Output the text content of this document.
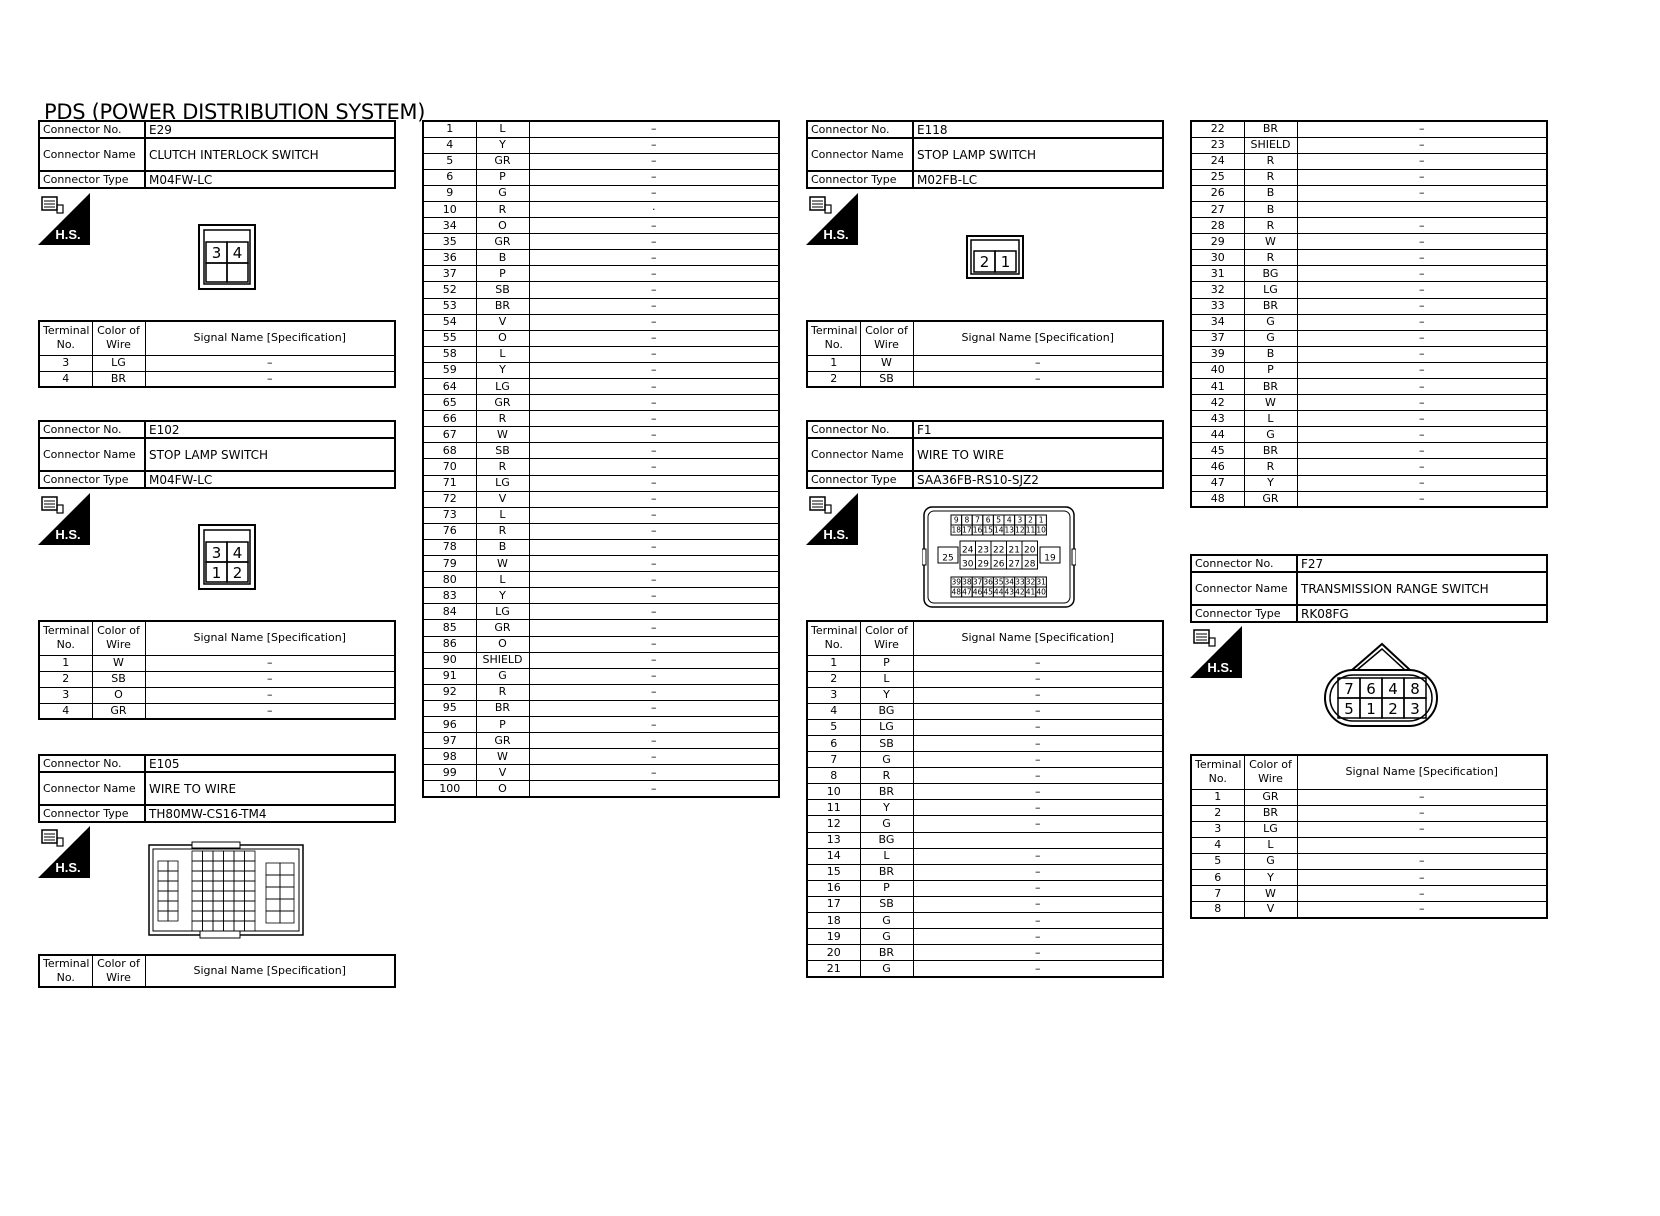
PDS (POWER DISTRIBUTION SYSTEM)
Connector No.	E29
Connector Name	CLUTCH INTERLOCK SWITCH
Connector Type	M04FW-LC
H.S.
3 4
Terminal No.	Color of Wire	Signal Name [Specification]
3	LG	–
4	BR	–
Connector No.	E102
Connector Name	STOP LAMP SWITCH
Connector Type	M04FW-LC
H.S.
3 4
1 2
Terminal No.	Color of Wire	Signal Name [Specification]
1	W	–
2	SB	–
3	O	–
4	GR	–
Connector No.	E105
Connector Name	WIRE TO WIRE
Connector Type	TH80MW-CS16-TM4
H.S.
Terminal No.	Color of Wire	Signal Name [Specification]
1	L	–
4	Y	–
5	GR	–
6	P	–
9	G	–
10	R	·
34	O	–
35	GR	–
36	B	–
37	P	–
52	SB	–
53	BR	–
54	V	–
55	O	–
58	L	–
59	Y	–
64	LG	–
65	GR	–
66	R	–
67	W	–
68	SB	–
70	R	–
71	LG	–
72	V	–
73	L	–
76	R	–
78	B	–
79	W	–
80	L	–
83	Y	–
84	LG	–
85	GR	–
86	O	–
90	SHIELD	–
91	G	–
92	R	–
95	BR	–
96	P	–
97	GR	–
98	W	–
99	V	–
100	O	–
Connector No.	E118
Connector Name	STOP LAMP SWITCH
Connector Type	M02FB-LC
H.S.
2 1
Terminal No.	Color of Wire	Signal Name [Specification]
1	W	–
2	SB	–
Connector No.	F1
Connector Name	WIRE TO WIRE
Connector Type	SAA36FB-RS10-SJZ2
H.S.
9 8 7 6 5 4 3 2 1
18 17 16 15 14 13 12 11 10
24 23 22 21 20
30 29 26 27 28
25	19
39 38 37 36 35 34 33 32 31
48 47 46 45 44 43 42 41 40
Terminal No.	Color of Wire	Signal Name [Specification]
1	P	–
2	L	–
3	Y	–
4	BG	–
5	LG	–
6	SB	–
7	G	–
8	R	–
10	BR	–
11	Y	–
12	G	–
13	BG	
14	L	–
15	BR	–
16	P	–
17	SB	–
18	G	–
19	G	–
20	BR	–
21	G	–
22	BR	–
23	SHIELD	–
24	R	–
25	R	–
26	B	–
27	B	
28	R	–
29	W	–
30	R	–
31	BG	–
32	LG	–
33	BR	–
34	G	–
37	G	–
39	B	–
40	P	–
41	BR	–
42	W	–
43	L	–
44	G	–
45	BR	–
46	R	–
47	Y	–
48	GR	–
Connector No.	F27
Connector Name	TRANSMISSION RANGE SWITCH
Connector Type	RK08FG
H.S.
7 6 4 8
5 1 2 3
Terminal No.	Color of Wire	Signal Name [Specification]
1	GR	–
2	BR	–
3	LG	–
4	L	
5	G	–
6	Y	–
7	W	–
8	V	–
